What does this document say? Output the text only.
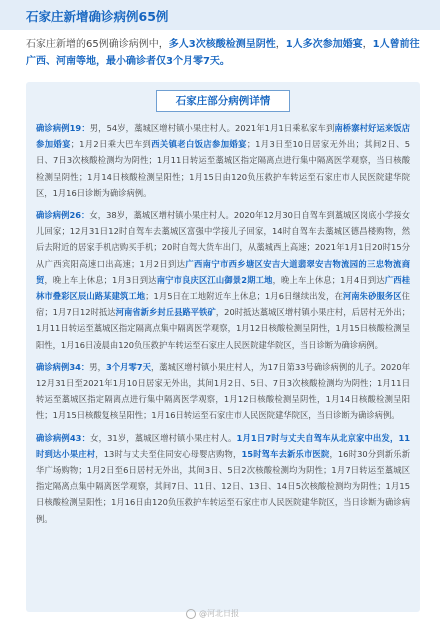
石家庄新增确诊病例65例
石家庄新增的65例确诊病例中，多人3次核酸检测呈阴性，1人多次参加婚宴，1人曾前往广西、河南等地，最小确诊者仅3个月零7天。
石家庄部分病例详情
确诊病例19：男，54岁，藁城区增村镇小果庄村人。2021年1月1日乘私家车到南桥寨村好运来饭店参加婚宴；1月2日乘大巴车到西关镇老白饭店参加婚宴；1月3日至10日居家无外出；其间2日、5日、7日3次核酸检测均为阴性；1月11日转运至藁城区指定隔离点进行集中隔离医学观察，当日核酸检测呈阴性；1月14日核酸检测呈阳性；1月15日由120负压救护车转运至石家庄市人民医院建华院区，1月16日诊断为确诊病例。
确诊病例26：女，38岁，藁城区增村镇小果庄村人。2020年12月30日自驾车到藁城区岗底小学接女儿回家；12月31日12时自驾车去藁城区富强中学接儿子回家，14时自驾车去藁城区德昌楼购物，然后去附近的居家手机店购买手机；20时自驾大货车出门，从藁城西上高速；2021年1月1日20时15分从广西宾阳高速口出高速；1月2日到达广西南宁市西乡塘区安吉大道翡翠安吉物流园的三忠物流商贸，晚上车上休息；1月3日到达南宁市良庆区江山御景2期工地，晚上车上休息；1月4日到达广西桂林市叠彩区辰山路某建筑工地；1月5日在工地附近车上休息；1月6日继续出发，在河南朱砂服务区住宿；1月7日12时抵达河南省新乡封丘县路平铁矿，20时抵达藁城区增村镇小果庄村，后居村无外出；1月11日转运至藁城区指定隔离点集中隔离医学观察，1月12日核酸检测呈阴性，1月15日核酸检测呈阳性，1月16日凌晨由120负压救护车转运至石家庄人民医院建华院区，当日诊断为确诊病例。
确诊病例34：男，3个月零7天，藁城区增村镇小果庄村人，为17日第33号确诊病例的儿子。2020年12月31日至2021年1月10日居家无外出，其间1月2日、5日、7日3次核酸检测均为阴性；1月11日转运至藁城区指定隔离点进行集中隔离医学观察，1月12日核酸检测呈阴性，1月14日核酸检测呈阳性；1月15日核酸复核呈阳性；1月16日转运至石家庄市人民医院建华院区，当日诊断为确诊病例。
确诊病例43：女，31岁，藁城区增村镇小果庄村人。1月1日7时与丈夫自驾车从北京家中出发，11时到达小果庄村，13时与丈夫至住同安心母婴店购物，15时驾车去新乐市医院，16时30分到新乐新华广场购物；1月2日至6日居村无外出，其间3日、5日2次核酸检测均为阴性；1月7日转运至藁城区指定隔离点集中隔离医学观察，其间7日、11日、12日、13日、14日5次核酸检测均为阴性；1月15日核酸检测呈阳性；1月16日由120负压救护车转运至石家庄市人民医院建华院区，当日诊断为确诊病例。
@河北日报
